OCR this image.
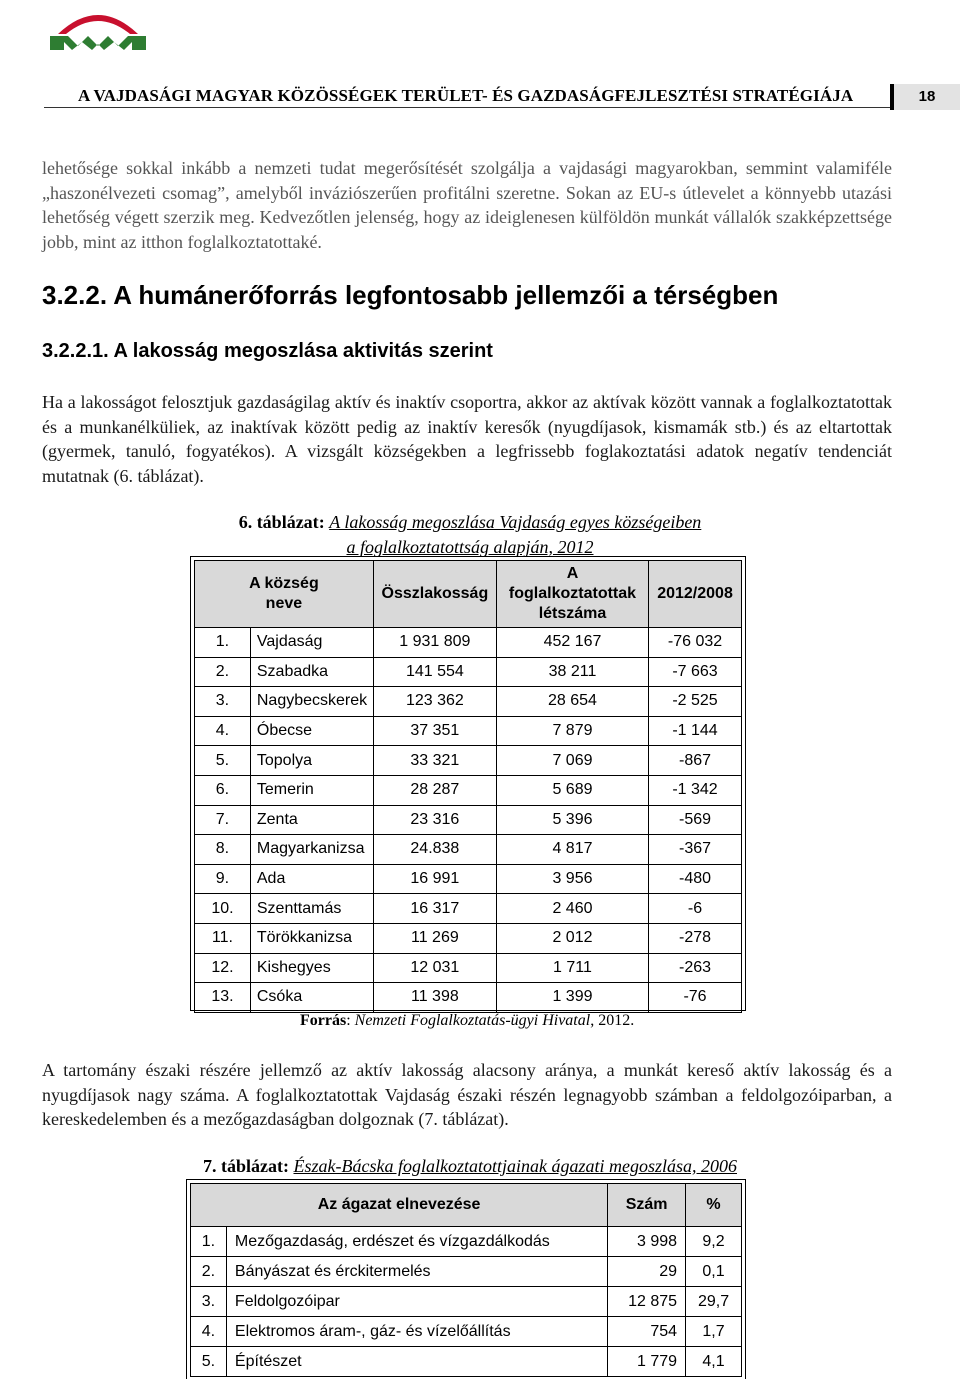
A VAJDASÁGI MAGYAR KÖZÖSSÉGEK TERÜLET- ÉS GAZDASÁGFEJLESZTÉSI STRATÉGIÁJA	18
lehetősége sokkal inkább a nemzeti tudat megerősítését szolgálja a vajdasági magyarokban, semmint valamiféle „haszonélvezeti csomag”, amelyből inváziószerűen profitálni szeretne. Sokan az EU-s útlevelet a könnyebb utazási lehetőség végett szerzik meg. Kedvezőtlen jelenség, hogy az ideiglenesen külföldön munkát vállalók szakképzettsége jobb, mint az itthon foglalkoztatottaké.
3.2.2. A humánerőforrás legfontosabb jellemzői a térségben
3.2.2.1. A lakosság megoszlása aktivitás szerint
Ha a lakosságot felosztjuk gazdaságilag aktív és inaktív csoportra, akkor az aktívak között vannak a foglalkoztatottak és a munkanélküliek, az inaktívak között pedig az inaktív keresők (nyugdíjasok, kismamák stb.) és az eltartottak (gyermek, tanuló, fogyatékos). A vizsgált községekben a legfrissebb foglakoztatási adatok negatív tendenciát mutatnak (6. táblázat).
6. táblázat: A lakosság megoszlása Vajdaság egyes községeiben
a foglalkoztatottság alapján, 2012
A község neve		Összlakosság	A foglalkoztatottak létszáma	2012/2008
1.	Vajdaság	1 931 809	452 167	-76 032
2.	Szabadka	141 554	38 211	-7 663
3.	Nagybecskerek	123 362	28 654	-2 525
4.	Óbecse	37 351	7 879	-1 144
5.	Topolya	33 321	7 069	-867
6.	Temerin	28 287	5 689	-1 342
7.	Zenta	23 316	5 396	-569
8.	Magyarkanizsa	24.838	4 817	-367
9.	Ada	16 991	3 956	-480
10.	Szenttamás	16 317	2 460	-6
11.	Törökkanizsa	11 269	2 012	-278
12.	Kishegyes	12 031	1 711	-263
13.	Csóka	11 398	1 399	-76
Forrás: Nemzeti Foglalkoztatás-ügyi Hivatal, 2012.
A tartomány északi részére jellemző az aktív lakosság alacsony aránya, a munkát kereső aktív lakosság és a nyugdíjasok nagy száma. A foglalkoztatottak Vajdaság északi részén legnagyobb számban a feldolgozóiparban, a kereskedelemben és a mezőgazdaságban dolgoznak (7. táblázat).
7. táblázat: Észak-Bácska foglalkoztatottjainak ágazati megoszlása, 2006
Az ágazat elnevezése		Szám	%
1.	Mezőgazdaság, erdészet és vízgazdálkodás	3 998	9,2
2.	Bányászat és érckitermelés	29	0,1
3.	Feldolgozóipar	12 875	29,7
4.	Elektromos áram-, gáz- és vízelőállítás	754	1,7
5.	Építészet	1 779	4,1
